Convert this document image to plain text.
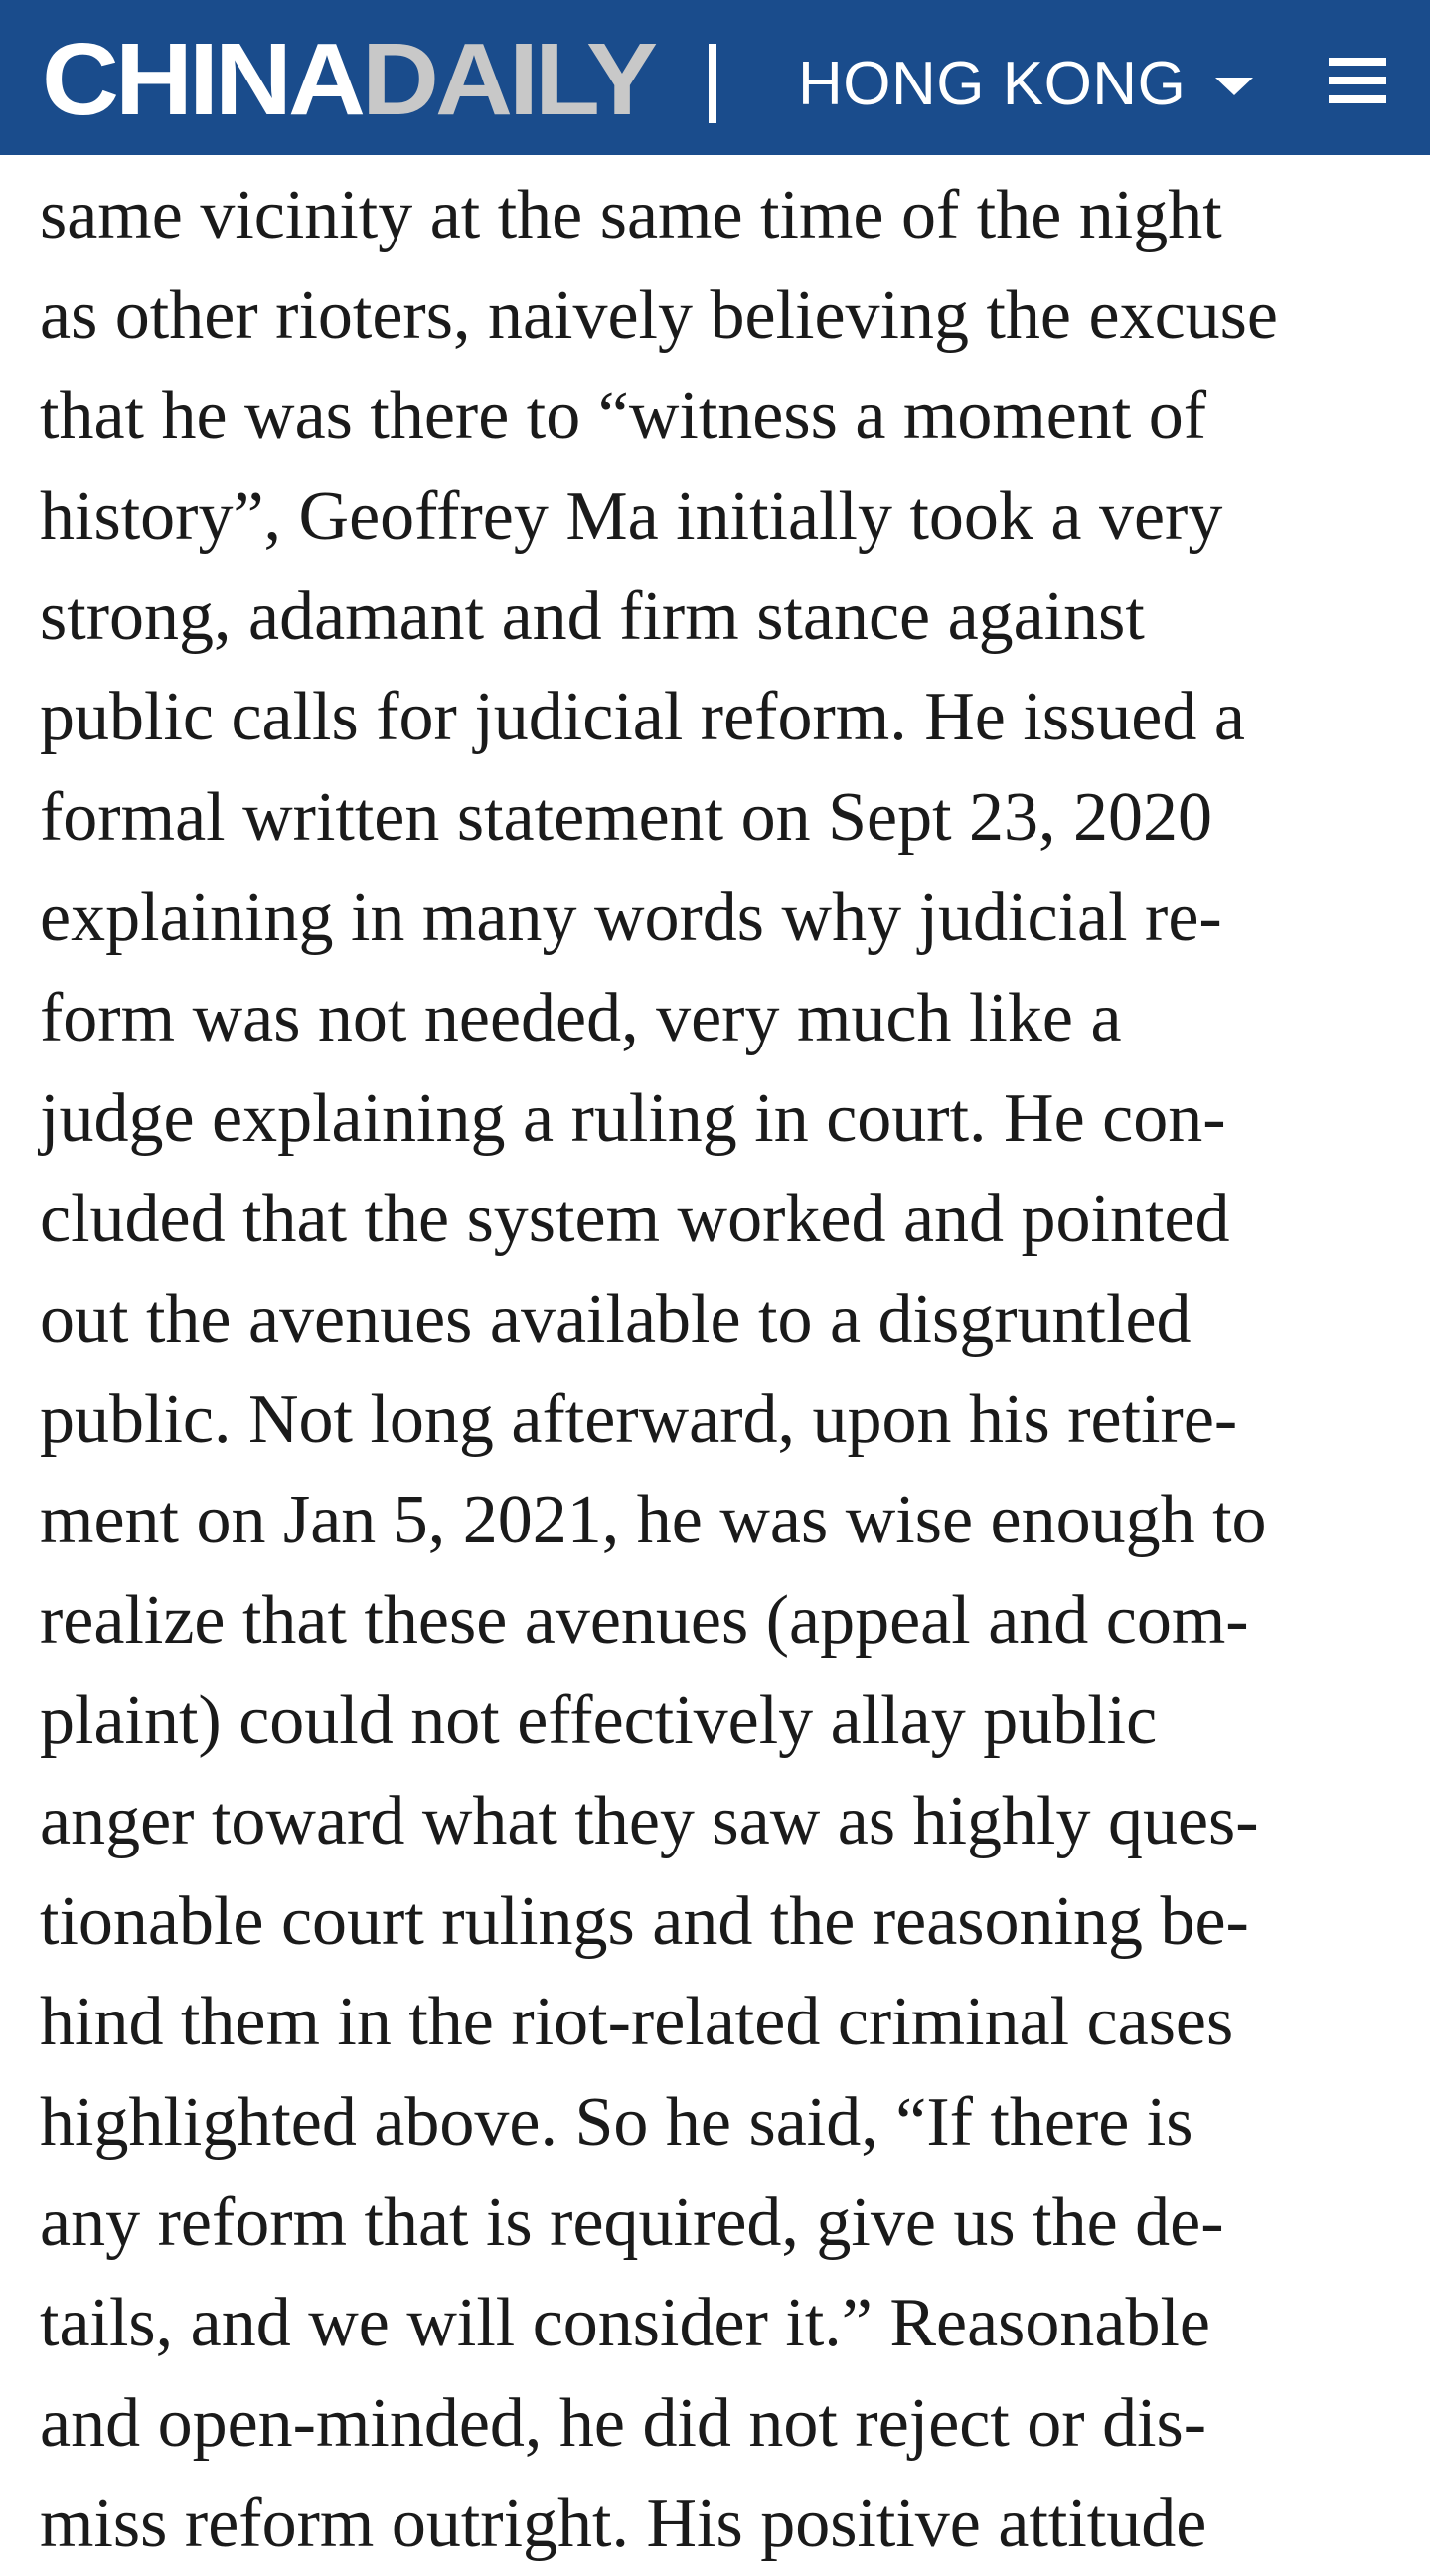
CHINA DAILY HONG KONG
same vicinity at the same time of the night
as other rioters, naively believing the excuse
that he was there to “witness a moment of
history”, Geoffrey Ma initially took a very
strong, adamant and firm stance against
public calls for judicial reform. He issued a
formal written statement on Sept 23, 2020
explaining in many words why judicial re-
form was not needed, very much like a
judge explaining a ruling in court. He con-
cluded that the system worked and pointed
out the avenues available to a disgruntled
public. Not long afterward, upon his retire-
ment on Jan 5, 2021, he was wise enough to
realize that these avenues (appeal and com-
plaint) could not effectively allay public
anger toward what they saw as highly ques-
tionable court rulings and the reasoning be-
hind them in the riot-related criminal cases
highlighted above. So he said, “If there is
any reform that is required, give us the de-
tails, and we will consider it.” Reasonable
and open-minded, he did not reject or dis-
miss reform outright. His positive attitude
